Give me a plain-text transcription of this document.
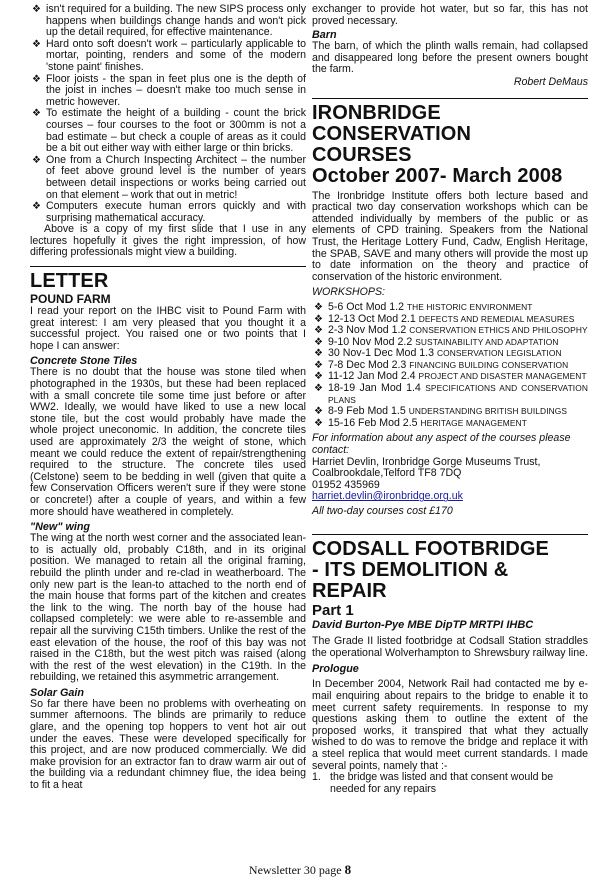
❖ isn't required for a building. The new SIPS process only happens when buildings change hands and won't pick up the detail required, for effective maintenance.
❖ Hard onto soft doesn't work – particularly applicable to mortar, pointing, renders and some of the modern 'stone paint' finishes.
❖ Floor joists - the span in feet plus one is the depth of the joist in inches – doesn't make too much sense in metric however.
❖ To estimate the height of a building - count the brick courses – four courses to the foot or 300mm is not a bad estimate – but check a couple of areas as it could be a bit out either way with either large or thin bricks.
❖ One from a Church Inspecting Architect – the number of feet above ground level is the number of years between detail inspections or works being carried out on that element – work that out in metric!
❖ Computers execute human errors quickly and with surprising mathematical accuracy.

Above is a copy of my first slide that I use in any lectures hopefully it gives the right impression, of how differing professionals might view a building.

LETTER
POUND FARM

I read your report on the IHBC visit to Pound Farm with great interest: I am very pleased that you thought it a successful project. You raised one or two points that I hope I can answer:

Concrete Stone Tiles

There is no doubt that the house was stone tiled when photographed in the 1930s, but these had been replaced with a small concrete tile some time just before or after WW2. Ideally, we would have liked to use a new local stone tile, but the cost would probably have made the whole project uneconomic. In addition, the concrete tiles used are approximately 2/3 the weight of stone, which meant we could reduce the extent of repair/strengthening required to the structure. The concrete tiles used (Celstone) seem to be bedding in well (given that quite a few Conservation Officers weren't sure if they were stone or concrete!) after a couple of years, and within a few more should have weathered in completely.

"New" wing

The wing at the north west corner and the associated lean-to is actually old, probably C18th, and in its original position. We managed to retain all the original framing, rebuild the plinth under and re-clad in weatherboard. The only new part is the lean-to attached to the north end of the main house that forms part of the kitchen and creates the link to the wing. The north bay of the house had collapsed completely: we were able to re-assemble and repair all the surviving C15th timbers. Unlike the rest of the east elevation of the house, the roof of this bay was not raised in the C18th, but the west pitch was raised (along with the rest of the west elevation) in the C19th. In the rebuilding, we retained this asymmetric arrangement.

Solar Gain

So far there have been no problems with overheating on summer afternoons. The blinds are primarily to reduce glare, and the opening top hoppers to vent hot air out under the eaves. These were developed specifically for this project, and are now produced commercially. We did make provision for an extractor fan to draw warm air out of the building via a redundant chimney flue, the idea being to fit a heat

exchanger to provide hot water, but so far, this has not proved necessary.

Barn

The barn, of which the plinth walls remain, had collapsed and disappeared long before the present owners bought the farm.

Robert DeMaus
IRONBRIDGE CONSERVATION
COURSES
October 2007- March 2008

The Ironbridge Institute offers both lecture based and practical two day conservation workshops which can be attended individually by members of the public or as elements of CPD training. Speakers from the National Trust, the Heritage Lottery Fund, Cadw, English Heritage, the SPAB, SAVE and many others will provide the most up to date information on the theory and practice of conservation of the historic environment.

WORKSHOPS:

❖ 5-6 Oct Mod 1.2 THE HISTORIC ENVIRONMENT
❖ 12-13 Oct Mod 2.1 DEFECTS AND REMEDIAL MEASURES
❖ 2-3 Nov Mod 1.2 CONSERVATION ETHICS AND PHILOSOPHY
❖ 9-10 Nov Mod 2.2 SUSTAINABILITY AND ADAPTATION
❖ 30 Nov-1 Dec Mod 1.3 CONSERVATION LEGISLATION
❖ 7-8 Dec Mod 2.3 FINANCING BUILDING CONSERVATION
❖ 11-12 Jan Mod 2.4 PROJECT AND DISASTER MANAGEMENT
❖ 18-19 Jan Mod 1.4 SPECIFICATIONS AND CONSERVATION PLANS
❖ 8-9 Feb Mod 1.5 UNDERSTANDING BRITISH BUILDINGS
❖ 15-16 Feb Mod 2.5 HERITAGE MANAGEMENT

For information about any aspect of the courses please contact:

Harriet Devlin, Ironbridge Gorge Museums Trust,

Coalbrookdale,Telford TF8 7DQ

01952 435969

harriet.devlin@ironbridge.org.uk

All two-day courses cost £170

CODSALL FOOTBRIDGE
- ITS DEMOLITION & REPAIR
Part 1
David Burton-Pye MBE DipTP MRTPI IHBC

The Grade II listed footbridge at Codsall Station straddles the operational Wolverhampton to Shrewsbury railway line.

Prologue

In December 2004, Network Rail had contacted me by e-mail enquiring about repairs to the bridge to enable it to meet current safety requirements. In response to my questions asking them to outline the extent of the proposed works, it transpired that what they actually wished to do was to remove the bridge and replace it with a steel replica that would meet current standards. I made several points, namely that :-

1. the bridge was listed and that consent would be needed for any repairs
Newsletter 30 page 8
